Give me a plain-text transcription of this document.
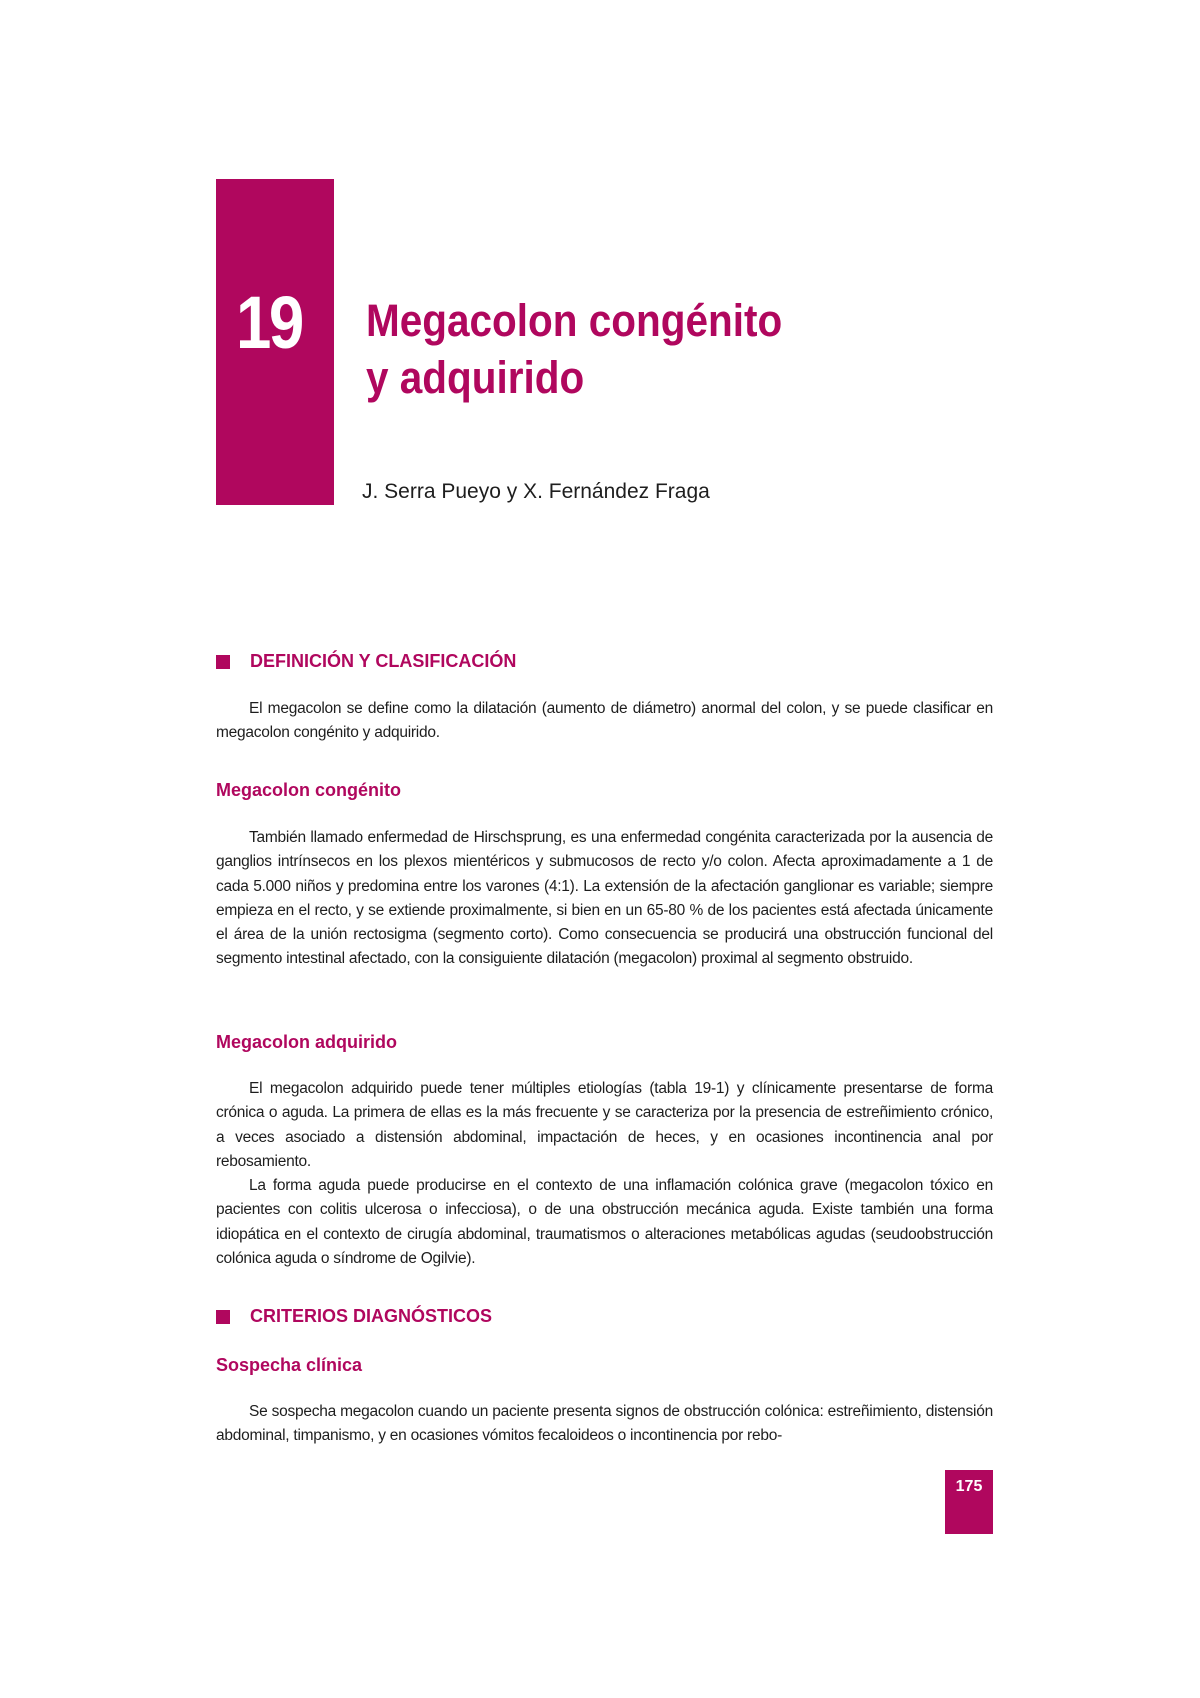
19 Megacolon congénito
y adquirido
J. Serra Pueyo y X. Fernández Fraga
DEFINICIÓN Y CLASIFICACIÓN

El megacolon se define como la dilatación (aumento de diámetro) anormal del colon, y se puede clasificar en megacolon congénito y adquirido.

Megacolon congénito

También llamado enfermedad de Hirschsprung, es una enfermedad congénita caracterizada por la ausencia de ganglios intrínsecos en los plexos mientéricos y submucosos de recto y/o colon. Afecta aproximadamente a 1 de cada 5.000 niños y predomina entre los varones (4:1). La extensión de la afectación ganglionar es variable; siempre empieza en el recto, y se extiende proximalmente, si bien en un 65-80 % de los pacientes está afectada únicamente el área de la unión rectosigma (segmento corto). Como consecuencia se producirá una obstrucción funcional del segmento intestinal afectado, con la consiguiente dilatación (megacolon) proximal al segmento obstruido.

Megacolon adquirido

El megacolon adquirido puede tener múltiples etiologías (tabla 19-1) y clínicamente presentarse de forma crónica o aguda. La primera de ellas es la más frecuente y se caracteriza por la presencia de estreñimiento crónico, a veces asociado a distensión abdominal, impactación de heces, y en ocasiones incontinencia anal por rebosamiento.

La forma aguda puede producirse en el contexto de una inflamación colónica grave (megacolon tóxico en pacientes con colitis ulcerosa o infecciosa), o de una obstrucción mecánica aguda. Existe también una forma idiopática en el contexto de cirugía abdominal, traumatismos o alteraciones metabólicas agudas (seudoobstrucción colónica aguda o síndrome de Ogilvie).

CRITERIOS DIAGNÓSTICOS
Sospecha clínica

Se sospecha megacolon cuando un paciente presenta signos de obstrucción colónica: estreñimiento, distensión abdominal, timpanismo, y en ocasiones vómitos fecaloideos o incontinencia por rebo-

175
